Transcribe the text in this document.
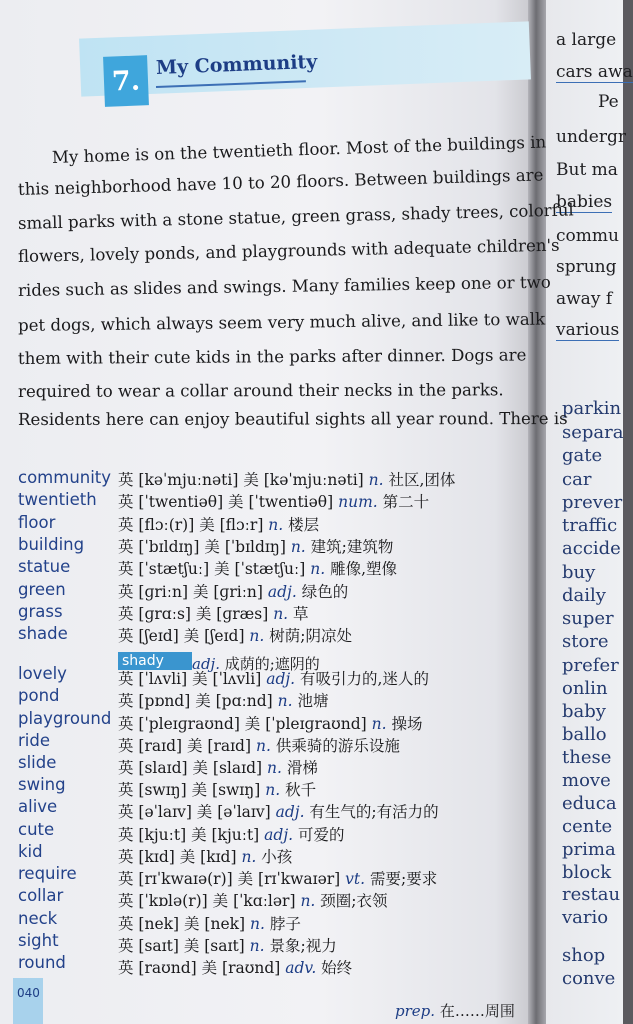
a large
cars awa
Pe
undergr
But ma
babies
commu
sprung
away f
various
parkin
separa
gate
car
prever
traffic
accide
buy
daily
super
store
prefer
onlin
baby
ballo
these
move
educa
cente
prima
block
restau
vario
shop
conve
7.
My Community
My home is on the twentieth floor. Most of the buildings in
this neighborhood have 10 to 20 floors. Between buildings are
small parks with a stone statue, green grass, shady trees, colorful
flowers, lovely ponds, and playgrounds with adequate children's
rides such as slides and swings. Many families keep one or two
pet dogs, which always seem very much alive, and like to walk
them with their cute kids in the parks after dinner. Dogs are
required to wear a collar around their necks in the parks.
Residents here can enjoy beautiful sights all year round. There is
community
twentieth
floor
building
statue
green
grass
shade
lovely
pond
playground
ride
slide
swing
alive
cute
kid
require
collar
neck
sight
round
英 [kəˈmjuːnəti] 美 [kəˈmjuːnəti] n. 社区,团体
英 [ˈtwentiəθ] 美 [ˈtwentiəθ] num. 第二十
英 [flɔː(r)] 美 [flɔːr] n. 楼层
英 [ˈbɪldɪŋ] 美 [ˈbɪldɪŋ] n. 建筑;建筑物
英 [ˈstætʃuː] 美 [ˈstætʃuː] n. 雕像,塑像
英 [ɡriːn] 美 [ɡriːn] adj. 绿色的
英 [ɡrɑːs] 美 [ɡræs] n. 草
英 [ʃeɪd] 美 [ʃeɪd] n. 树荫;阴凉处
英 [ˈlʌvli] 美 [ˈlʌvli] adj. 有吸引力的,迷人的
英 [pɒnd] 美 [pɑːnd] n. 池塘
英 [ˈpleɪɡraʊnd] 美 [ˈpleɪɡraʊnd] n. 操场
英 [raɪd] 美 [raɪd] n. 供乘骑的游乐设施
英 [slaɪd] 美 [slaɪd] n. 滑梯
英 [swɪŋ] 美 [swɪŋ] n. 秋千
英 [əˈlaɪv] 美 [əˈlaɪv] adj. 有生气的;有活力的
英 [kjuːt] 美 [kjuːt] adj. 可爱的
英 [kɪd] 美 [kɪd] n. 小孩
英 [rɪˈkwaɪə(r)] 美 [rɪˈkwaɪər] vt. 需要;要求
英 [ˈkɒlə(r)] 美 [ˈkɑːlər] n. 颈圈;衣领
英 [nek] 美 [nek] n. 脖子
英 [saɪt] 美 [saɪt] n. 景象;视力
英 [raʊnd] 美 [raʊnd] adv. 始终
shady	adj. 成荫的;遮阴的
prep. 在……周围
040
